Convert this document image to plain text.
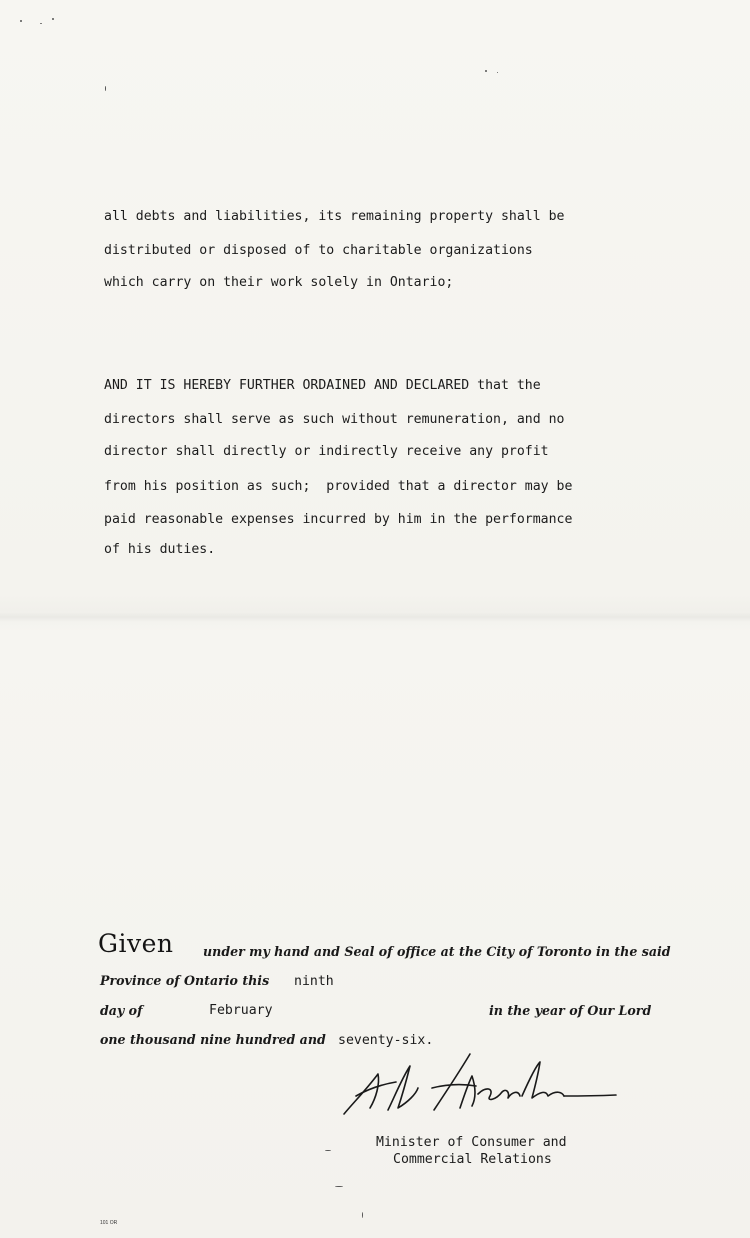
all debts and liabilities, its remaining property shall be
distributed or disposed of to charitable organizations
which carry on their work solely in Ontario;
AND IT IS HEREBY FURTHER ORDAINED AND DECLARED that the
directors shall serve as such without remuneration, and no
director shall directly or indirectly receive any profit
from his position as such;  provided that a director may be
paid reasonable expenses incurred by him in the performance
of his duties.
Given under my hand and Seal of office at the City of Toronto in the said
Province of Ontario this ninth
day of	February	in the year of Our Lord
one thousand nine hundred and seventy-six.
Minister of Consumer and
Commercial Relations
101 OR
